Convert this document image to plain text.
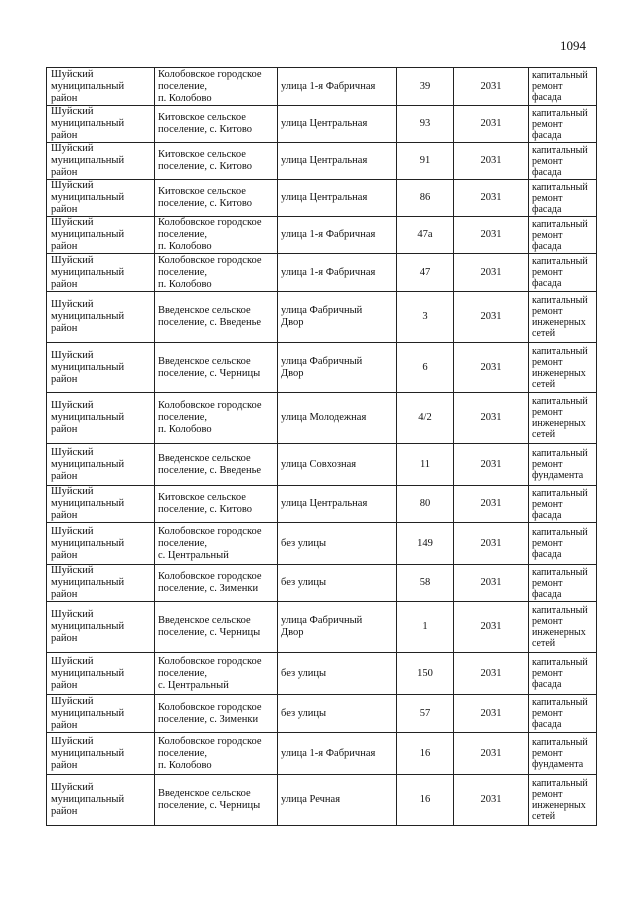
1094
Шуйский
муниципальный
район	Колобовское городское
поселение,
п. Колобово	улица 1-я Фабричная	39	2031	капитальный
ремонт фасада
Шуйский
муниципальный
район	Китовское сельское
поселение, с. Китово	улица Центральная	93	2031	капитальный
ремонт фасада
Шуйский
муниципальный
район	Китовское сельское
поселение, с. Китово	улица Центральная	91	2031	капитальный
ремонт фасада
Шуйский
муниципальный
район	Китовское сельское
поселение, с. Китово	улица Центральная	86	2031	капитальный
ремонт фасада
Шуйский
муниципальный
район	Колобовское городское
поселение,
п. Колобово	улица 1-я Фабричная	47а	2031	капитальный
ремонт фасада
Шуйский
муниципальный
район	Колобовское городское
поселение,
п. Колобово	улица 1-я Фабричная	47	2031	капитальный
ремонт фасада
Шуйский
муниципальный
район	Введенское сельское
поселение, с. Введенье	улица Фабричный
Двор	3	2031	капитальный
ремонт
инженерных
сетей
Шуйский
муниципальный
район	Введенское сельское
поселение, с. Черницы	улица Фабричный
Двор	6	2031	капитальный
ремонт
инженерных
сетей
Шуйский
муниципальный
район	Колобовское городское
поселение,
п. Колобово	улица Молодежная	4/2	2031	капитальный
ремонт
инженерных
сетей
Шуйский
муниципальный
район	Введенское сельское
поселение, с. Введенье	улица Совхозная	11	2031	капитальный
ремонт
фундамента
Шуйский
муниципальный
район	Китовское сельское
поселение, с. Китово	улица Центральная	80	2031	капитальный
ремонт фасада
Шуйский
муниципальный
район	Колобовское городское
поселение,
с. Центральный	без улицы	149	2031	капитальный
ремонт фасада
Шуйский
муниципальный
район	Колобовское городское
поселение, с. Зименки	без улицы	58	2031	капитальный
ремонт фасада
Шуйский
муниципальный
район	Введенское сельское
поселение, с. Черницы	улица Фабричный
Двор	1	2031	капитальный
ремонт
инженерных
сетей
Шуйский
муниципальный
район	Колобовское городское
поселение,
с. Центральный	без улицы	150	2031	капитальный
ремонт фасада
Шуйский
муниципальный
район	Колобовское городское
поселение, с. Зименки	без улицы	57	2031	капитальный
ремонт фасада
Шуйский
муниципальный
район	Колобовское городское
поселение,
п. Колобово	улица 1-я Фабричная	16	2031	капитальный
ремонт
фундамента
Шуйский
муниципальный
район	Введенское сельское
поселение, с. Черницы	улица Речная	16	2031	капитальный
ремонт
инженерных
сетей
